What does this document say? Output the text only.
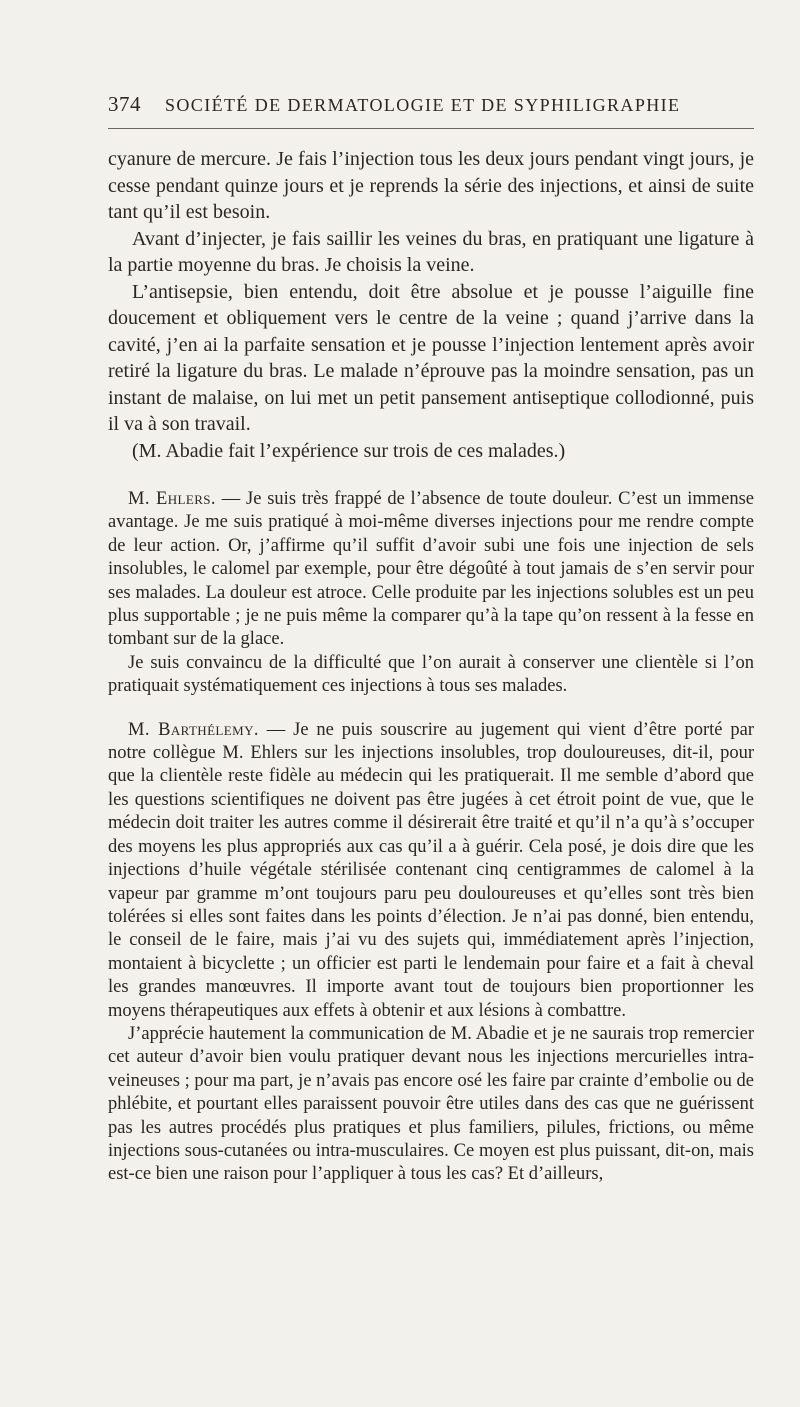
374 SOCIÉTÉ DE DERMATOLOGIE ET DE SYPHILIGRAPHIE

cyanure de mercure. Je fais l’injection tous les deux jours pendant vingt jours, je cesse pendant quinze jours et je reprends la série des injections, et ainsi de suite tant qu’il est besoin.

Avant d’injecter, je fais saillir les veines du bras, en pratiquant une ligature à la partie moyenne du bras. Je choisis la veine.

L’antisepsie, bien entendu, doit être absolue et je pousse l’aiguille fine doucement et obliquement vers le centre de la veine ; quand j’arrive dans la cavité, j’en ai la parfaite sensation et je pousse l’injection lentement après avoir retiré la ligature du bras. Le malade n’éprouve pas la moindre sensation, pas un instant de malaise, on lui met un petit pansement antiseptique collodionné, puis il va à son travail.

(M. Abadie fait l’expérience sur trois de ces malades.)

M. Ehlers. — Je suis très frappé de l’absence de toute douleur. C’est un immense avantage. Je me suis pratiqué à moi-même diverses injections pour me rendre compte de leur action. Or, j’affirme qu’il suffit d’avoir subi une fois une injection de sels insolubles, le calomel par exemple, pour être dégoûté à tout jamais de s’en servir pour ses malades. La douleur est atroce. Celle produite par les injections solubles est un peu plus supportable ; je ne puis même la comparer qu’à la tape qu’on ressent à la fesse en tombant sur de la glace.

Je suis convaincu de la difficulté que l’on aurait à conserver une clientèle si l’on pratiquait systématiquement ces injections à tous ses malades.

M. Barthélemy. — Je ne puis souscrire au jugement qui vient d’être porté par notre collègue M. Ehlers sur les injections insolubles, trop douloureuses, dit-il, pour que la clientèle reste fidèle au médecin qui les pratiquerait. Il me semble d’abord que les questions scientifiques ne doivent pas être jugées à cet étroit point de vue, que le médecin doit traiter les autres comme il désirerait être traité et qu’il n’a qu’à s’occuper des moyens les plus appropriés aux cas qu’il a à guérir. Cela posé, je dois dire que les injections d’huile végétale stérilisée contenant cinq centigrammes de calomel à la vapeur par gramme m’ont toujours paru peu douloureuses et qu’elles sont très bien tolérées si elles sont faites dans les points d’élection. Je n’ai pas donné, bien entendu, le conseil de le faire, mais j’ai vu des sujets qui, immédiatement après l’injection, montaient à bicyclette ; un officier est parti le lendemain pour faire et a fait à cheval les grandes manœuvres. Il importe avant tout de toujours bien proportionner les moyens thérapeutiques aux effets à obtenir et aux lésions à combattre.

J’apprécie hautement la communication de M. Abadie et je ne saurais trop remercier cet auteur d’avoir bien voulu pratiquer devant nous les injections mercurielles intra-veineuses ; pour ma part, je n’avais pas encore osé les faire par crainte d’embolie ou de phlébite, et pourtant elles paraissent pouvoir être utiles dans des cas que ne guérissent pas les autres procédés plus pratiques et plus familiers, pilules, frictions, ou même injections sous-cutanées ou intra-musculaires. Ce moyen est plus puissant, dit-on, mais est-ce bien une raison pour l’appliquer à tous les cas? Et d’ailleurs,
